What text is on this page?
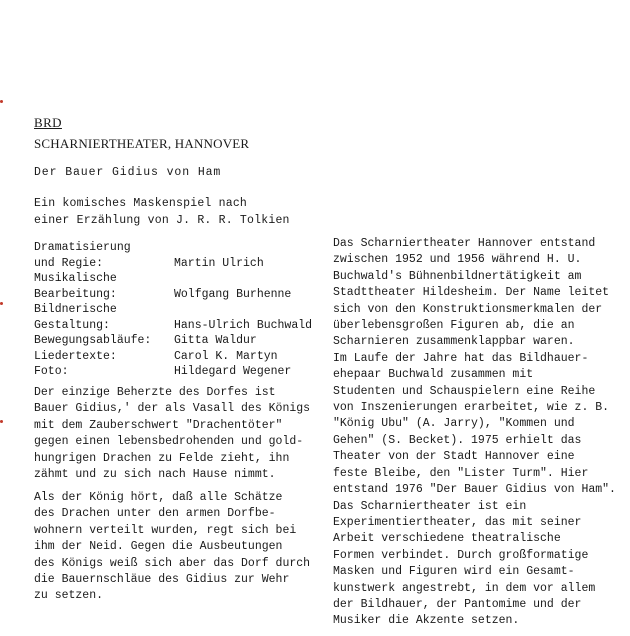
BRD
SCHARNIERTHEATER, HANNOVER
Der Bauer Gidius von Ham
Ein komisches Maskenspiel nach
einer Erzählung von J. R. R. Tolkien
Dramatisierung
und Regie:	Martin Ulrich
Musikalische
Bearbeitung:	Wolfgang Burhenne
Bildnerische
Gestaltung:	Hans-Ulrich Buchwald
Bewegungsabläufe:	Gitta Waldur
Liedertexte:	Carol K. Martyn
Foto:	Hildegard Wegener
Der einzige Beherzte des Dorfes ist
Bauer Gidius,' der als Vasall des Königs
mit dem Zauberschwert "Drachentöter"
gegen einen lebensbedrohenden und gold-
hungrigen Drachen zu Felde zieht, ihn
zähmt und zu sich nach Hause nimmt.
Als der König hört, daß alle Schätze
des Drachen unter den armen Dorfbe-
wohnern verteilt wurden, regt sich bei
ihm der Neid. Gegen die Ausbeutungen
des Königs weiß sich aber das Dorf durch
die Bauernschläue des Gidius zur Wehr
zu setzen.
Das Scharniertheater Hannover entstand
zwischen 1952 und 1956 während H. U.
Buchwald's Bühnenbildnertätigkeit am
Stadttheater Hildesheim. Der Name leitet
sich von den Konstruktionsmerkmalen der
überlebensgroßen Figuren ab, die an
Scharnieren zusammenklappbar waren.
Im Laufe der Jahre hat das Bildhauer-
ehepaar Buchwald zusammen mit
Studenten und Schauspielern eine Reihe
von Inszenierungen erarbeitet, wie z. B.
"König Ubu" (A. Jarry), "Kommen und
Gehen" (S. Becket). 1975 erhielt das
Theater von der Stadt Hannover eine
feste Bleibe, den "Lister Turm". Hier
entstand 1976 "Der Bauer Gidius von Ham".
Das Scharniertheater ist ein
Experimentiertheater, das mit seiner
Arbeit verschiedene theatralische
Formen verbindet. Durch großformatige
Masken und Figuren wird ein Gesamt-
kunstwerk angestrebt, in dem vor allem
der Bildhauer, der Pantomime und der
Musiker die Akzente setzen.
